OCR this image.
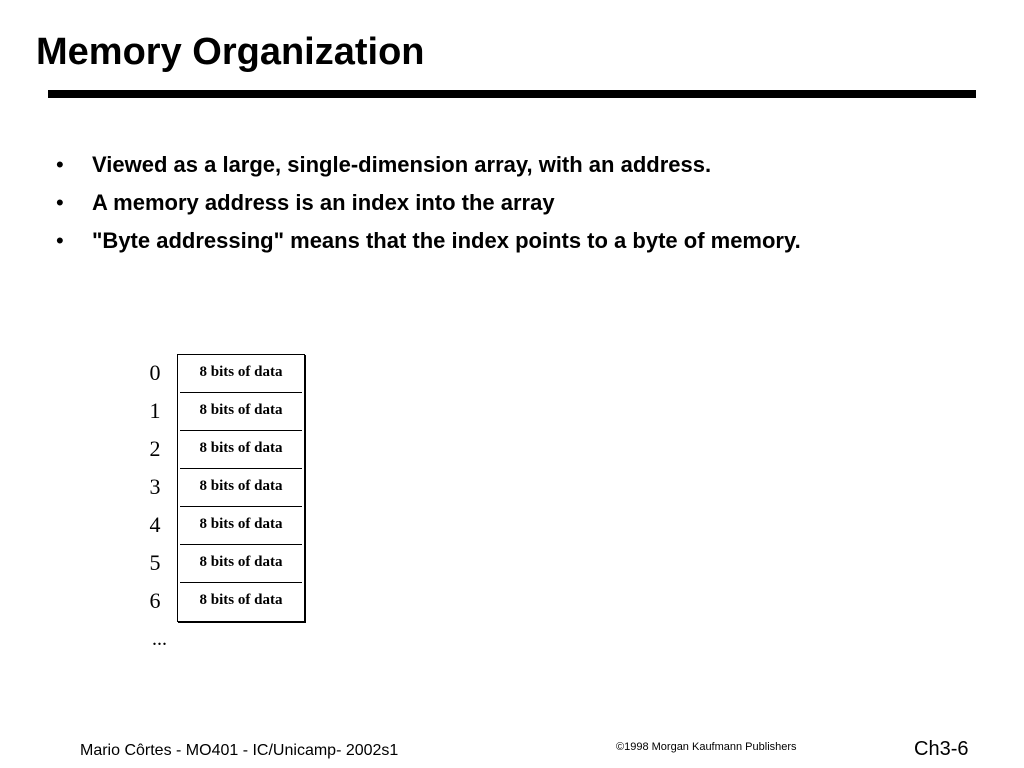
Memory Organization
• Viewed as a large, single-dimension array, with an address.
• A memory address is an index into the array
• "Byte addressing" means that the index points to a byte of memory.
0
1
2
3
4
5
6
8 bits of data
8 bits of data
8 bits of data
8 bits of data
8 bits of data
8 bits of data
8 bits of data
...
Mario Côrtes - MO401 - IC/Unicamp- 2002s1	©1998 Morgan Kaufmann Publishers	Ch3-6
